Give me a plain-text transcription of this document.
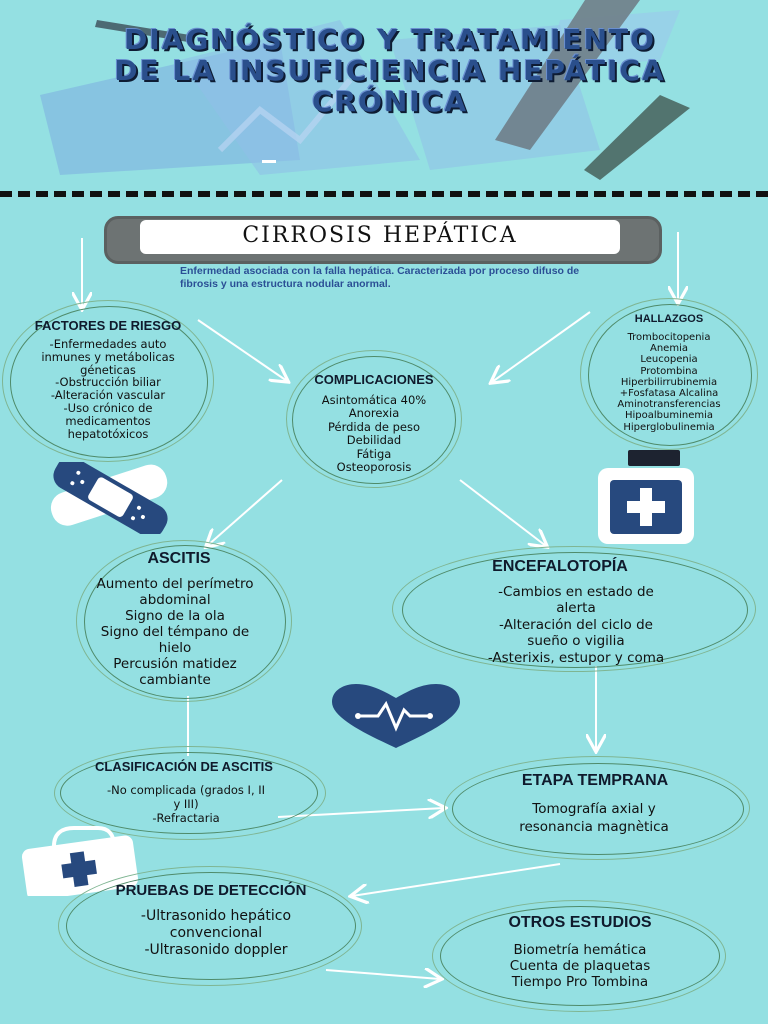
DIAGNÓSTICO Y TRATAMIENTO DE LA INSUFICIENCIA HEPÁTICA CRÓNICA
CIRROSIS HEPÁTICA
Enfermedad asociada con la falla hepática. Caracterizada por proceso difuso de fibrosis y una estructura nodular anormal.
FACTORES DE RIESGO
-Enfermedades auto
inmunes y metábolicas
géneticas
-Obstrucción biliar
-Alteración vascular
-Uso crónico de
medicamentos
hepatotóxicos
COMPLICACIONES
Asintomática 40%
Anorexia
Pérdida de peso
Debilidad
Fátiga
Osteoporosis
HALLAZGOS
Trombocitopenia
Anemia
Leucopenia
Protombina
Hiperbilirrubinemia
+Fosfatasa Alcalina
Aminotransferencias
Hipoalbuminemia
Hiperglobulinemia
ASCITIS
Aumento del perímetro
abdominal
Signo de la ola
Signo del témpano de
hielo
Percusión matidez
cambiante
ENCEFALOTOPÍA
-Cambios en estado de
alerta
-Alteración del ciclo de
sueño o vigilia
-Asterixis, estupor y coma
CLASIFICACIÓN DE ASCITIS
-No complicada (grados I, II
y III)
-Refractaria
ETAPA TEMPRANA
Tomografía axial y
resonancia magnètica
PRUEBAS DE DETECCIÓN
-Ultrasonido hepático
convencional
-Ultrasonido doppler
OTROS ESTUDIOS
Biometría hemática
Cuenta de plaquetas
Tiempo Pro Tombina
